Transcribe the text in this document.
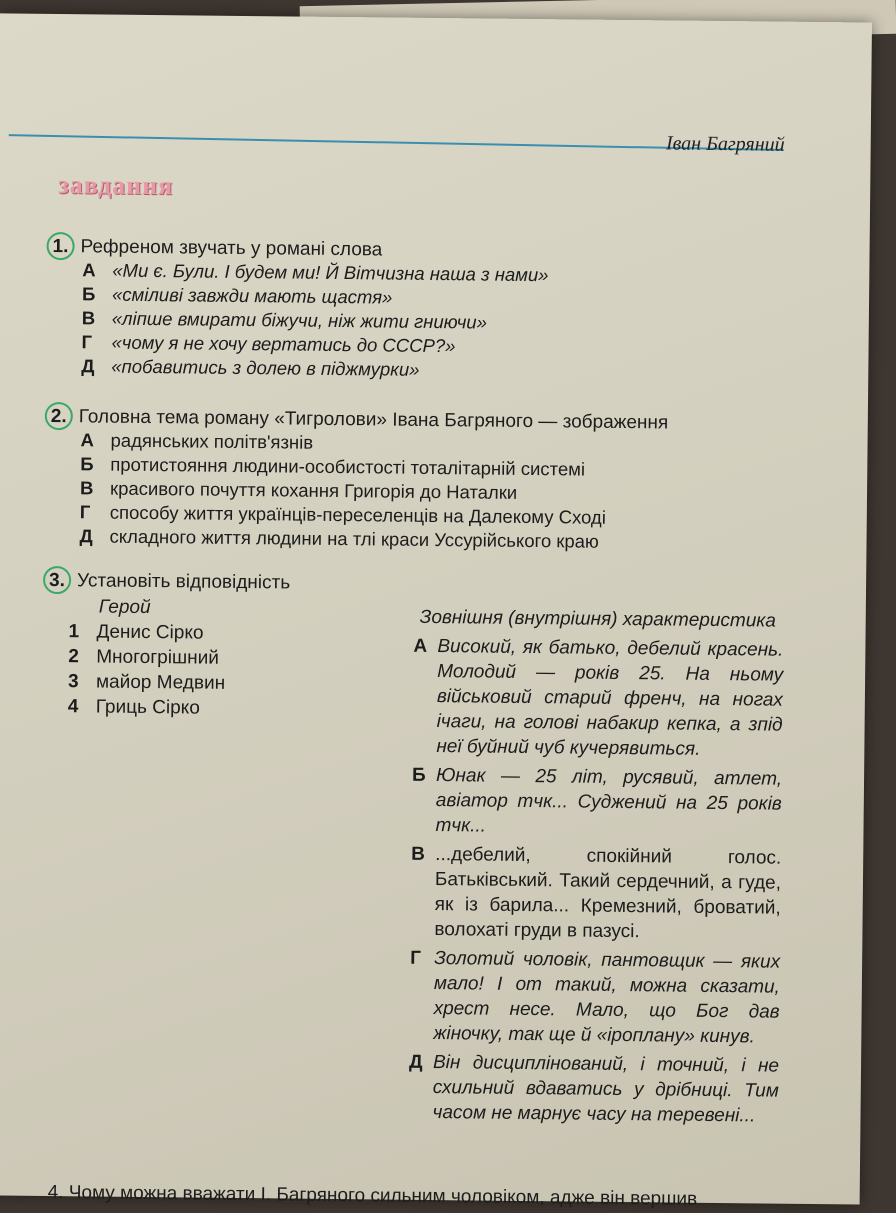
Іван Багряний
завдання
1. Рефреном звучать у романі слова
А «Ми є. Були. І будем ми! Й Вітчизна наша з нами»
Б «сміливі завжди мають щастя»
В «ліпше вмирати біжучи, ніж жити гниючи»
Г	«чому я не хочу вертатись до СССР?»
Д «побавитись з долею в піджмурки»
2. Головна тема роману «Тигролови» Івана Багряного — зображення
А радянських політв'язнів
Б протистояння людини-особистості тоталітарній системі
В красивого почуття кохання Григорія до Наталки
Г	способу життя українців-переселенців на Далекому Сході
Д складного життя людини на тлі краси Уссурійського краю
3. Установіть відповідність
Герой
1 Денис Сірко
2 Многогрішний
3 майор Медвин
4 Гриць Сірко
Зовнішня (внутрішня) характеристика
А Високий, як батько, дебелий красень. Молодий — років 25. На ньому військовий старий френч, на ногах ічаги, на голові набакир кепка, а зпід неї буйний чуб кучерявиться.
Б Юнак — 25 літ, русявий, атлет, авіатор тчк... Суджений на 25 років тчк...
В ...дебелий, спокійний голос. Батьківський. Такий сердечний, а гуде, як із барила... Кремезний, броватий, волохаті груди в пазусі.
Г Золотий чоловік, пантовщик — яких мало! І от такий, можна сказати, хрест несе. Мало, що Бог дав жіночку, так ще й «іроплану» кинув.
Д Він дисциплінований, і точний, і не схильний вдаватись у дрібниці. Тим часом не марнує часу на теревені...
4. Чому можна вважати І. Багряного сильним чоловіком, адже він вершив
